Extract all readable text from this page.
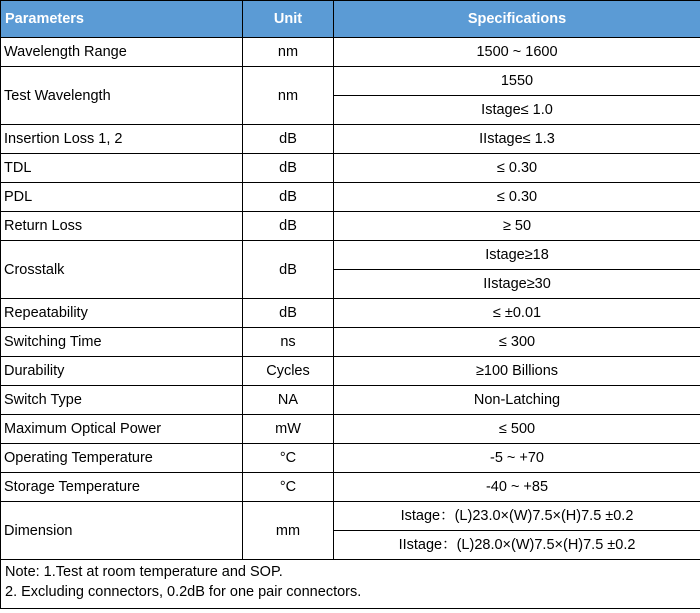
Parameters	Unit	Specifications
Wavelength Range	nm	1500 ~ 1600
Test Wavelength	nm	1550
		Istage≤ 1.0
Insertion Loss 1, 2	dB	IIstage≤ 1.3
TDL	dB	≤ 0.30
PDL	dB	≤ 0.30
Return Loss	dB	≥ 50
Crosstalk	dB	Istage≥18
		IIstage≥30
Repeatability	dB	≤ ±0.01
Switching Time	ns	≤ 300
Durability	Cycles	≥100 Billions
Switch Type	NA	Non-Latching
Maximum Optical Power	mW	≤ 500
Operating Temperature	°C	-5 ~ +70
Storage Temperature	°C	-40 ~ +85
Dimension	mm	Istage：(L)23.0×(W)7.5×(H)7.5 ±0.2
		IIstage：(L)28.0×(W)7.5×(H)7.5 ±0.2

Note: 1.Test at room temperature and SOP.
2. Excluding connectors, 0.2dB for one pair connectors.		
